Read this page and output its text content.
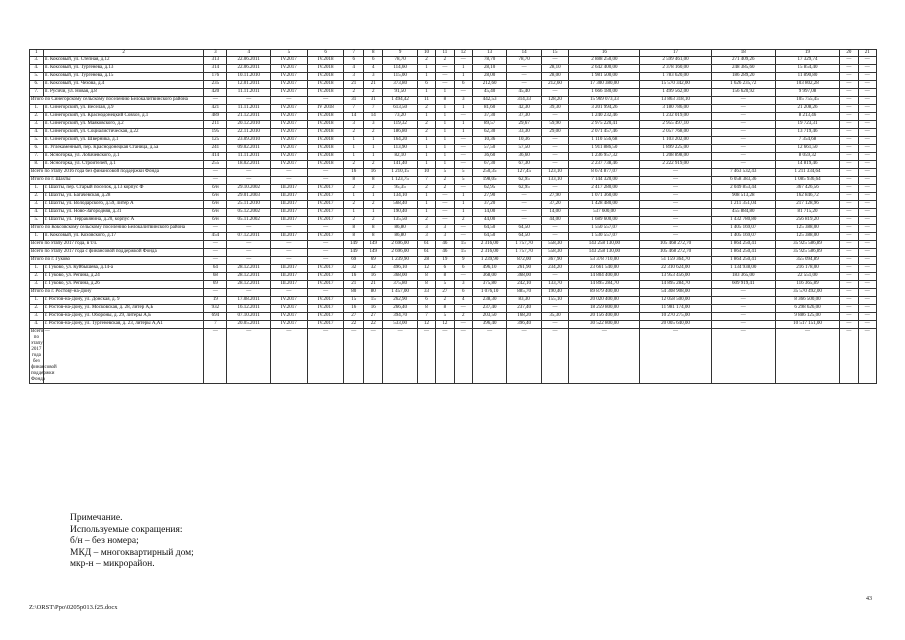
1	2	3	4	5	6	7	8	9	10	11	12	13	14	15	16	17	18	19	20	21
3.	п. Коксовый, ул. Степная, д.12	313	22.06.2011	IV.2017	IV.2018	6	6	78,70	2	2	—	78,70	78,70	—	2 888 250,00	2 599 461,00	271 409,26	17 329,74	—	—
4.	п. Коксовый, ул. Тургенева, д.13	314	22.06.2011	IV.2017	IV.2018	4	4	114,60	1	—	1	28,10	—	28,10	2 642 400,00	2 378 160,00	248 385,60	15 854,40	—	—
5.	п. Коксовый, ул. Тургенева, д.15	176	10.11.2010	IV.2017	IV.2018	3	3	115,00	1	—	1	28,00	—	28,00	1 981 500,00	1 783 620,00	186 289,20	11 890,80	—	—
6.	п. Коксовый, ул. Чехова, д.4	235	12.01.2011	IV.2017	IV.2018	21	21	373,80	6	—	6	212,60	—	212,60	17 300 380,00	15 570 342,00	1 626 235,72	103 802,28	—	—
7.	п. Русичи, ул. Новая, д.8	420	11.11.2011	IV.2017	IV.2018	2	2	91,50	1	1	—	45,40	45,40	—	1 666 180,00	1 499 562,00	156 620,92	9 997,08	—	—
Итого по Синегорскому сельскому поселению Белокалитвинского района		—	—	—	—	31	31	1 494,42	11	8	3	442,53	314,33	128,20	15 969 073,33	13 863 318,10	—	105 755,45	—	—
1.	п. Синегорский, ул. Веселая, д.9	421	11.11.2011	IV.2017	IV 2018	7	7	613,50	2	1	1	81,60	42,30	39,30	3 201 994,26	3 180 786,00	—	21 208,26	—	—
2.	п. Синегорский, ул. Краснодонецкий Совхоз, д.1	489	21.12.2011	IV.2017	IV.2018	14	14	73,20	1	1	—	37,30	37,30	—	1 240 232,46	1 232 019,00	—	8 213,46	—	—
3.	п. Синегорский, ул. Маяковского, д.2	211	20.12.2010	IV.2017	IV.2018	3	3	119,32	2	1	1	89,57	29,67	59,90	2 975 220,41	2 955 497,10	—	19 723,31	—	—
4.	п. Синегорский, ул. Социалистическая, д.22	195	22.11.2010	IV.2017	IV.2018	2	2	186,80	2	1	1	62,30	33,30	29,00	2 071 457,46	2 057 768,00	—	13 719,46	—	—
5.	п. Синегорский, ул. Шверника, д.1	125	23.09.2010	IV.2017	IV.2018	1	1	164,20	1	1	—	10,36	10,36	—	1 110 556,68	1 103 202,00	—	7 354,68	—	—
6.	п. Углекаменный, пер. Краснодонецкая Станица, д.5а	241	09.02.2011	IV.2017	IV.2018	1	1	113,90	1	1	—	57,50	57,50	—	1 911 886,50	1 899 225,00	—	12 661,50	—	—
7.	п. Ясногорка, ул. Лобачевского, д.1	414	11.11.2011	IV.2017	IV.2018	1	1	82,10	1	1	—	36,60	36,60	—	1 236 957,32	1 208 898,00	—	8 059,32	—	—
8.	п. Ясногорка, ул. Строителей, д.1	255	18.02.2011	IV.2017	IV.2018	2	2	141,40	1	1	—	67,30	67,30	—	2 237 738,46	2 222 919,00	—	14 819,46	—	—
Всего по этапу 2016 года без финансовой поддержки Фонда		—	—	—	—	16	16	1 210,15	10	5	5	250,35	127,45	123,10	8 674 877,07	—	7 463 532,43	1 211 334,64	—	—
Итого по г. Шахты		—	—	—	—	8	8	1 123,75	7	2	5	198,05	62,95	133,10	7 144 320,00	—	6 058 383,36	1 085 936,64	—	—
1.	г. Шахты, пер. Старый поселок, д.13 корпус Ф	б/н	29.10.2002	III.2017	IV.2017	2	2	95,35	2	2	—	62,95	62,95	—	2 417 280,00	—	2 049 853,44	367 426,56	—	—
2.	г. Шахты, ул. Багачёвская, д.28	б/н	29.01.2003	III.2017	IV.2017	1	1	134,10	1	—	1	27,90	—	27,90	1 071 360,00	—	908 513,28	162 846,72	—	—
3.	г. Шахты, ул. Володарского, д.59, литер А	б/н	25.11.2010	III.2017	IV.2017	2	2	568,40	1	—	1	37,20	—	37,20	1 428 480,00	—	1 211 351,04	217 128,96	—	—
4.	г. Шахты, ул. Ново-Загородняя, д.31	б/н	05.12.2002	III.2017	IV.2017	1	1	190,40	1	—	1	14,00	—	14,00	537 600,00	—	455 884,80	81 715,20	—	—
5.	г. Шахты, ул. Терракянина, д.20, корпус А	б/н	05.11.2002	III.2017	IV.2017	2	2	135,50	2	—	2	44,00	—	44,00	1 689 600,00	—	1 432 780,80	256 819,20	—	—
Итого по Коксовскому сельскому поселению Белокалитвинского района		—	—	—	—	8	8	86,80	3	3	—	64,50	64,50	—	1 550 557,07	—	1 405 169,07	125 388,00	—	—
1.	п. Коксовый, ул. Коховского, д.17	454	07.12.2011	III.2017	IV.2017	8	8	86,80	3	3	—	64,50	64,50	—	1 530 557,07	—	1 405 169,07	125 388,00	—	—
Всего по этапу 2017 года, в т.ч.		—	—	—	—	149	149	2 696,00	61	46	15	2 316,00	1 757,70	558,30	143 258 130,00	105 468 272,70	1 864 250,41	35 925 586,89	—	—
Всего по этапу 2017 года с финансовой поддержкой Фонда		—	—	—	—	149	149	2 696,00	61	46	15	2 316,00	1 757,70	558,30	143 258 130,00	105 468 272,70	1 864 250,41	35 925 586,89	—	—
Итого по г. Гуково		—	—	—	—	69	69	1 239,90	28	19	9	1 239,90	872,00	367,90	53 378 710,00	51 159 364,70	1 864 250,41	355 094,89	—	—
1.	г. Гуково, ул. Куйбышева, д.14-а	64	28.12.2011	III.2017	IV.2017	32	32	496,10	12	6	6	496,10	261,90	234,20	23 661 540,00	22 310 624,00	1 134 938,00	216 178,00	—	—
2.	г. Гуково, ул. Репина, д.24	68	28.12.2011	III.2017	IV.2017	16	16	368,00	8	8	—	368,00	368,00	—	14 804 400,00	13 953 456,00	183 365,00	22 551,00	—	—
3.	г. Гуково, ул. Репина, д.26	69	28.12.2011	III.2017	IV.2017	21	21	375,80	8	5	3	375,80	242,10	133,70	14 895 284,70	14 895 284,70	609 919,41	116 365,89	—	—
Итого по г. Ростову-на-Дону		—	—	—	—	80	80	1 457,00	33	27	6	1 076,10	885,70	190,40	89 879 400,00	54 308 908,00	—	35 570 492,00	—	—
1.	г. Ростов-на-Дону, ул. Донская, д. 9	19	17.08.2011	IV.2017	IV.2017	15	15	262,90	6	2	4	238,30	83,30	155,10	20 020 400,00	12 058 500,00	—	8 366 500,00	—	—
2.	г. Ростов-на-Дону, ул. Московская, д. 28, литер А,Б	932	16.12.2011	IV.2017	IV.2017	16	16	266,40	8	8	—	237,40	237,40	—	18 259 800,00	11 981 174,00	—	6 298 626,00	—	—
3.	г. Ростов-на-Дону, ул. Обороны, д. 29, литеры А,Б	694	07.10.2011	IV.2017	IV.2017	27	27	394,70	7	5	2	203,50	168,20	35,30	20 156 400,00	10 270 275,00	—	9 886 125,00	—	—
4.	г. Ростов-на-Дону, ул. Тургеневская, д. 23, литеры А,А1	7	20.05.2011	IV.2017	IV.2017	22	22	533,00	12	12	—	396,40	396,40	—	30 522 800,00	20 005 640,00	—	10 517 151,00	—	—
Всего по этапу 2017 года без финансовой поддержки Фонда	—	—	—	—	—	—	—	—	—	—	—	—	—	—	—	—	—	—	—	—
Примечание.
Используемые сокращения:
б/н – без номера;
МКД – многоквартирный дом;
мкр-н – микрорайон.
43
Z:\ORST\Ppo\0205p013.f25.docx
